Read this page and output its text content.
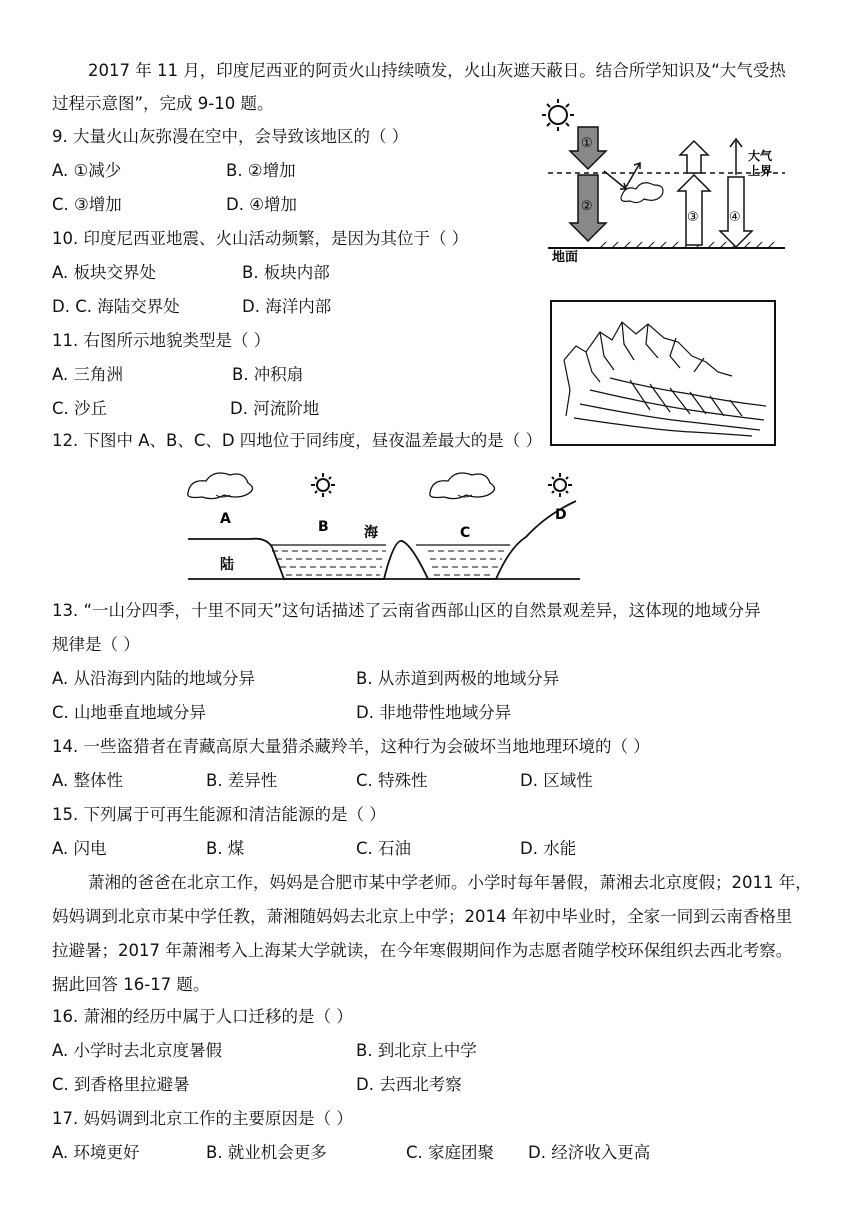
2017 年 11 月，印度尼西亚的阿贡火山持续喷发，火山灰遮天蔽日。结合所学知识及“大气受热
过程示意图”，完成 9-10 题。
9. 大量火山灰弥漫在空中，会导致该地区的（ ）
A. ①减少	B. ②增加
C. ③增加	D. ④增加
10. 印度尼西亚地震、火山活动频繁，是因为其位于（ ）
A. 板块交界处	B. 板块内部
D. C. 海陆交界处	D. 海洋内部
11. 右图所示地貌类型是（ ）
A. 三角洲	B. 冲积扇
C. 沙丘	D. 河流阶地
12. 下图中 A、B、C、D 四地位于同纬度，昼夜温差最大的是（ ）
13. “一山分四季，十里不同天”这句话描述了云南省西部山区的自然景观差异，这体现的地域分异
规律是（ ）
A. 从沿海到内陆的地域分异	B. 从赤道到两极的地域分异
C. 山地垂直地域分异	D. 非地带性地域分异
14. 一些盗猎者在青藏高原大量猎杀藏羚羊，这种行为会破坏当地地理环境的（ ）
A. 整体性	B. 差异性	C. 特殊性	D. 区域性
15. 下列属于可再生能源和清洁能源的是（ ）
A. 闪电	B. 煤	C. 石油	D. 水能
萧湘的爸爸在北京工作，妈妈是合肥市某中学老师。小学时每年暑假，萧湘去北京度假；2011 年，
妈妈调到北京市某中学任教，萧湘随妈妈去北京上中学；2014 年初中毕业时，全家一同到云南香格里
拉避暑；2017 年萧湘考入上海某大学就读，在今年寒假期间作为志愿者随学校环保组织去西北考察。
据此回答 16-17 题。
16. 萧湘的经历中属于人口迁移的是（ ）
A. 小学时去北京度暑假	B. 到北京上中学
C. 到香格里拉避暑	D. 去西北考察
17. 妈妈调到北京工作的主要原因是（ ）
A. 环境更好	B. 就业机会更多	C. 家庭团聚 D. 经济收入更高
地面
①
②
③ ④
大气
上界
A	B	海	C
D
陆
